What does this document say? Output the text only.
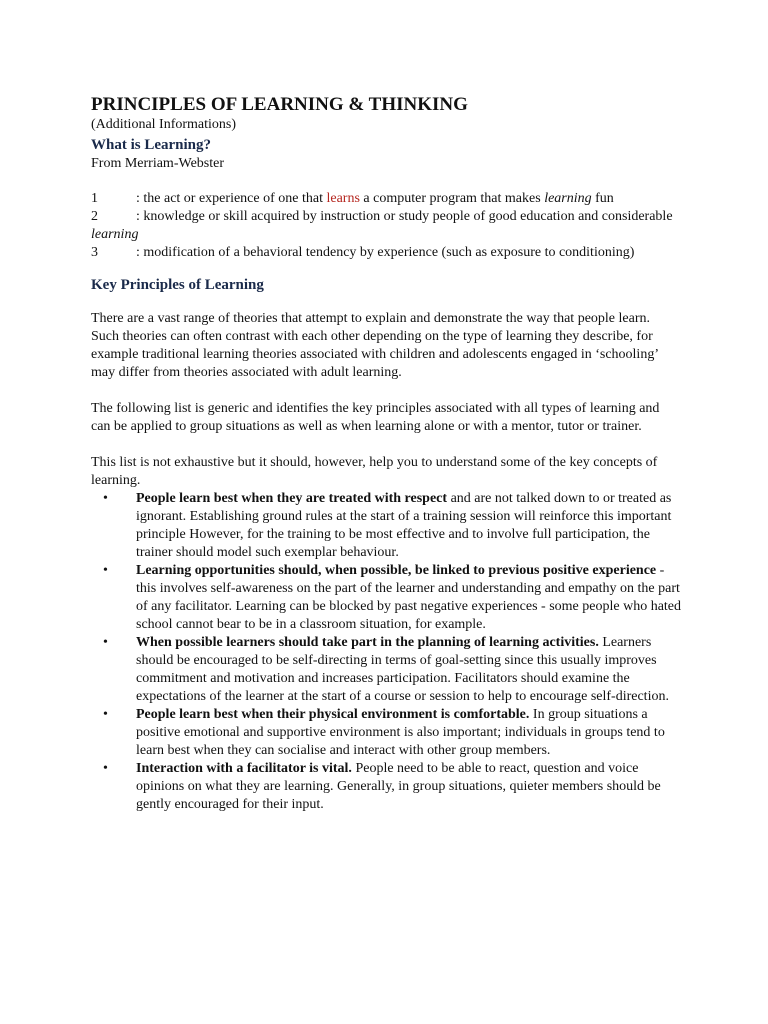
PRINCIPLES OF LEARNING & THINKING
(Additional Informations)
What is Learning?
From Merriam-Webster
1	: the act or experience of one that learns a computer program that makes learning fun
2	: knowledge or skill acquired by instruction or study people of good education and considerable learning
3	: modification of a behavioral tendency by experience (such as exposure to conditioning)
Key Principles of Learning

There are a vast range of theories that attempt to explain and demonstrate the way that people learn.

Such theories can often contrast with each other depending on the type of learning they describe, for example traditional learning theories associated with children and adolescents engaged in ‘schooling’ may differ from theories associated with adult learning.

The following list is generic and identifies the key principles associated with all types of learning and can be applied to group situations as well as when learning alone or with a mentor, tutor or trainer.

This list is not exhaustive but it should, however, help you to understand some of the key concepts of learning.

• People learn best when they are treated with respect and are not talked down to or treated as ignorant. Establishing ground rules at the start of a training session will reinforce this important principle However, for the training to be most effective and to involve full participation, the trainer should model such exemplar behaviour.
• Learning opportunities should, when possible, be linked to previous positive experience - this involves self-awareness on the part of the learner and understanding and empathy on the part of any facilitator. Learning can be blocked by past negative experiences - some people who hated school cannot bear to be in a classroom situation, for example.
• When possible learners should take part in the planning of learning activities. Learners should be encouraged to be self-directing in terms of goal-setting since this usually improves commitment and motivation and increases participation. Facilitators should examine the expectations of the learner at the start of a course or session to help to encourage self-direction.
• People learn best when their physical environment is comfortable. In group situations a positive emotional and supportive environment is also important; individuals in groups tend to learn best when they can socialise and interact with other group members.
• Interaction with a facilitator is vital. People need to be able to react, question and voice opinions on what they are learning. Generally, in group situations, quieter members should be gently encouraged for their input.
